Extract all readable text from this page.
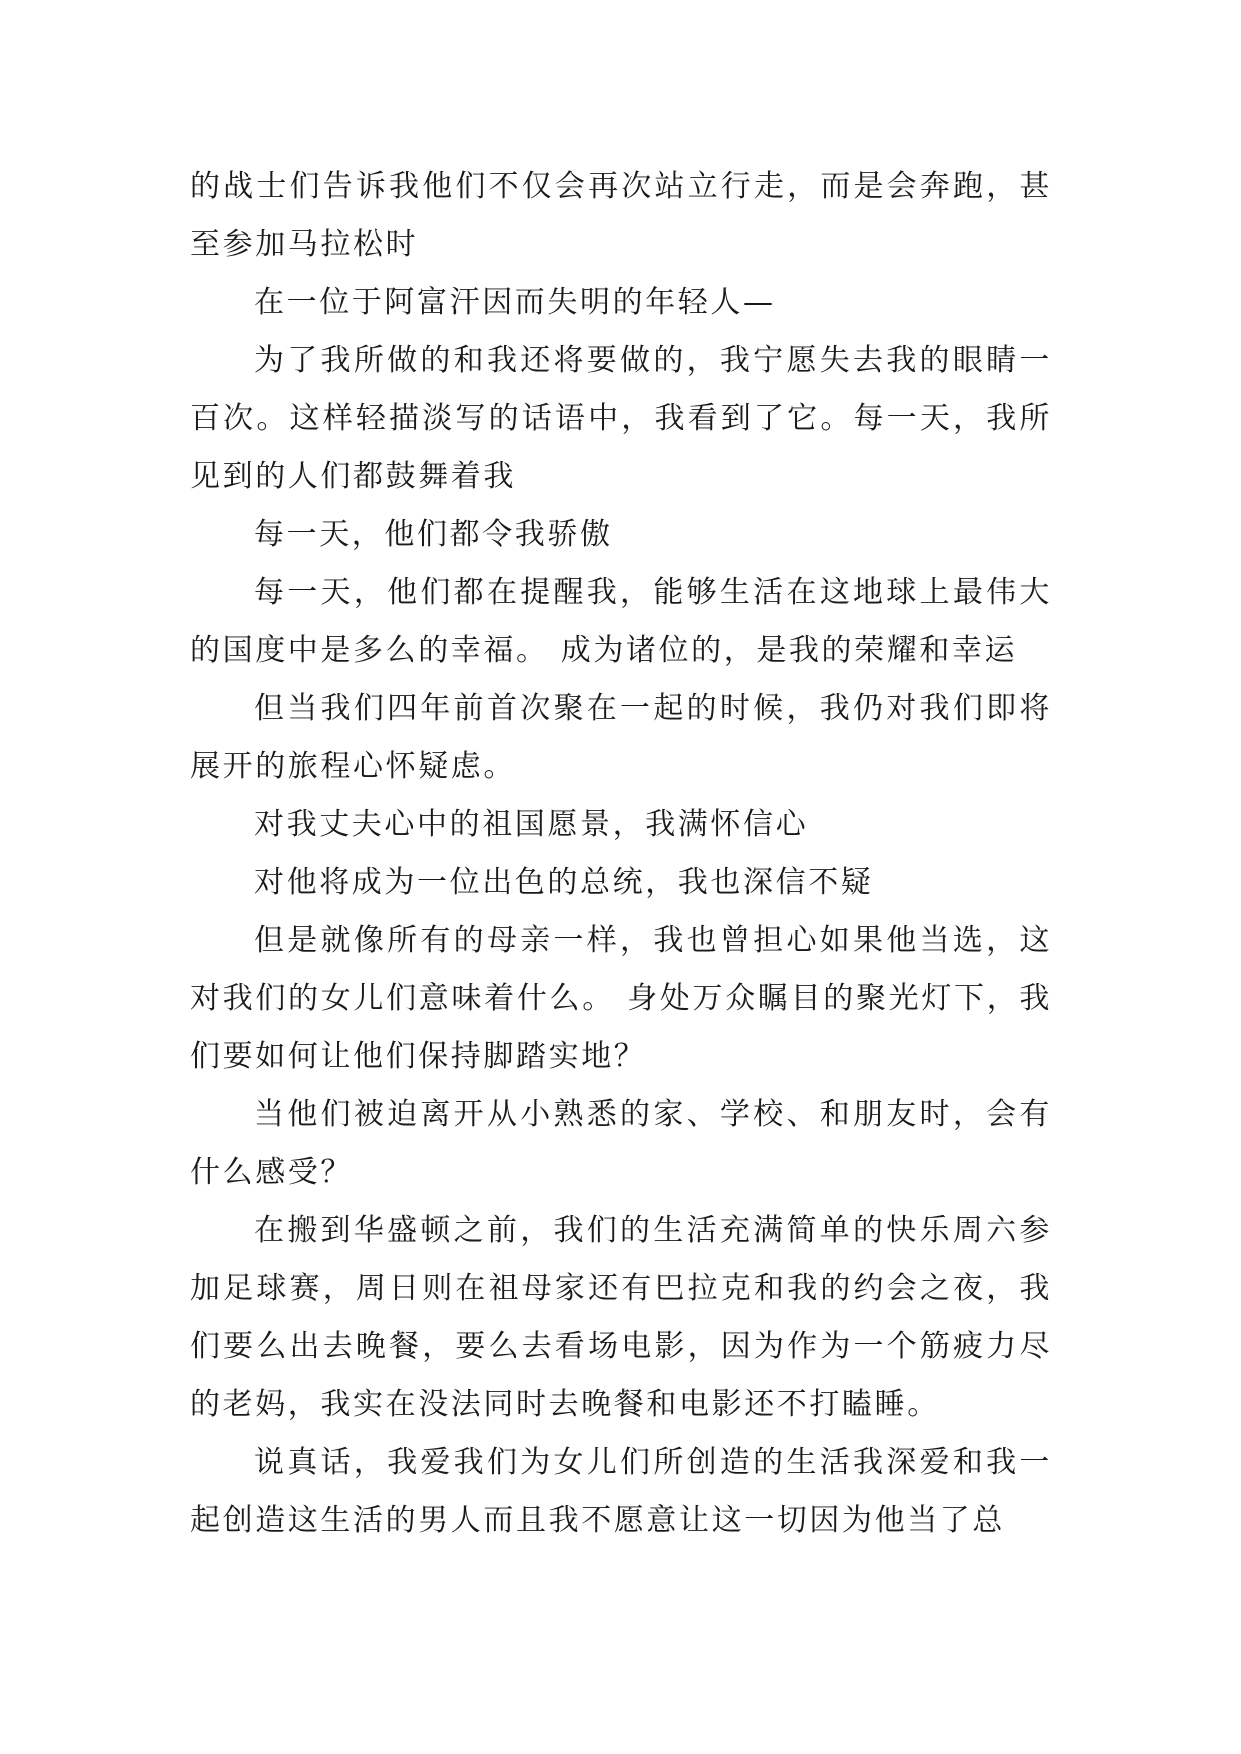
的战士们告诉我他们不仅会再次站立行走，而是会奔跑，甚至参加马拉松时

在一位于阿富汗因而失明的年轻人—

为了我所做的和我还将要做的，我宁愿失去我的眼睛一百次。这样轻描淡写的话语中，我看到了它。每一天，我所见到的人们都鼓舞着我

每一天，他们都令我骄傲

每一天，他们都在提醒我，能够生活在这地球上最伟大的国度中是多么的幸福。 成为诸位的，是我的荣耀和幸运

但当我们四年前首次聚在一起的时候，我仍对我们即将展开的旅程心怀疑虑。

对我丈夫心中的祖国愿景，我满怀信心

对他将成为一位出色的总统，我也深信不疑

但是就像所有的母亲一样，我也曾担心如果他当选，这对我们的女儿们意味着什么。 身处万众瞩目的聚光灯下，我们要如何让他们保持脚踏实地？

当他们被迫离开从小熟悉的家、学校、和朋友时，会有什么感受？

在搬到华盛顿之前，我们的生活充满简单的快乐周六参加足球赛，周日则在祖母家还有巴拉克和我的约会之夜，我们要么出去晚餐，要么去看场电影，因为作为一个筋疲力尽的老妈，我实在没法同时去晚餐和电影还不打瞌睡。

说真话，我爱我们为女儿们所创造的生活我深爱和我一起创造这生活的男人而且我不愿意让这一切因为他当了总
